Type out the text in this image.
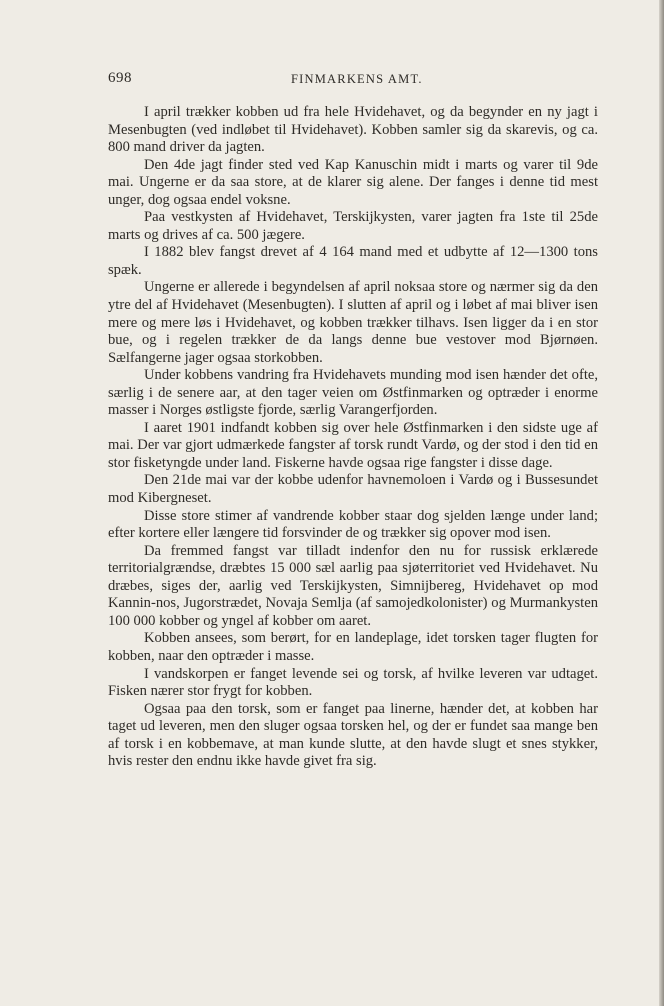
698	FINMARKENS AMT.

I april trækker kobben ud fra hele Hvidehavet, og da begynder en ny jagt i Mesenbugten (ved indløbet til Hvidehavet). Kobben samler sig da skarevis, og ca. 800 mand driver da jagten.

Den 4de jagt finder sted ved Kap Kanuschin midt i marts og varer til 9de mai. Ungerne er da saa store, at de klarer sig alene. Der fanges i denne tid mest unger, dog ogsaa endel voksne.

Paa vestkysten af Hvidehavet, Terskijkysten, varer jagten fra 1ste til 25de marts og drives af ca. 500 jægere.

I 1882 blev fangst drevet af 4 164 mand med et udbytte af 12—1300 tons spæk.

Ungerne er allerede i begyndelsen af april noksaa store og nærmer sig da den ytre del af Hvidehavet (Mesenbugten). I slutten af april og i løbet af mai bliver isen mere og mere løs i Hvidehavet, og kobben trækker tilhavs. Isen ligger da i en stor bue, og i regelen trækker de da langs denne bue vestover mod Bjørnøen. Sælfangerne jager ogsaa storkobben.

Under kobbens vandring fra Hvidehavets munding mod isen hænder det ofte, særlig i de senere aar, at den tager veien om Østfinmarken og optræder i enorme masser i Norges østligste fjorde, særlig Varangerfjorden.

I aaret 1901 indfandt kobben sig over hele Østfinmarken i den sidste uge af mai. Der var gjort udmærkede fangster af torsk rundt Vardø, og der stod i den tid en stor fisketyngde under land. Fiskerne havde ogsaa rige fangster i disse dage.

Den 21de mai var der kobbe udenfor havnemoloen i Vardø og i Bussesundet mod Kibergneset.

Disse store stimer af vandrende kobber staar dog sjelden længe under land; efter kortere eller længere tid forsvinder de og trækker sig opover mod isen.

Da fremmed fangst var tilladt indenfor den nu for russisk erklærede territorialgrændse, dræbtes 15 000 sæl aarlig paa sjøterritoriet ved Hvidehavet. Nu dræbes, siges der, aarlig ved Terskijkysten, Simnijbereg, Hvidehavet op mod Kannin-nos, Jugorstrædet, Novaja Semlja (af samojedkolonister) og Murmankysten 100 000 kobber og yngel af kobber om aaret.

Kobben ansees, som berørt, for en landeplage, idet torsken tager flugten for kobben, naar den optræder i masse.

I vandskorpen er fanget levende sei og torsk, af hvilke leveren var udtaget. Fisken nærer stor frygt for kobben.

Ogsaa paa den torsk, som er fanget paa linerne, hænder det, at kobben har taget ud leveren, men den sluger ogsaa torsken hel, og der er fundet saa mange ben af torsk i en kobbemave, at man kunde slutte, at den havde slugt et snes stykker, hvis rester den endnu ikke havde givet fra sig.
